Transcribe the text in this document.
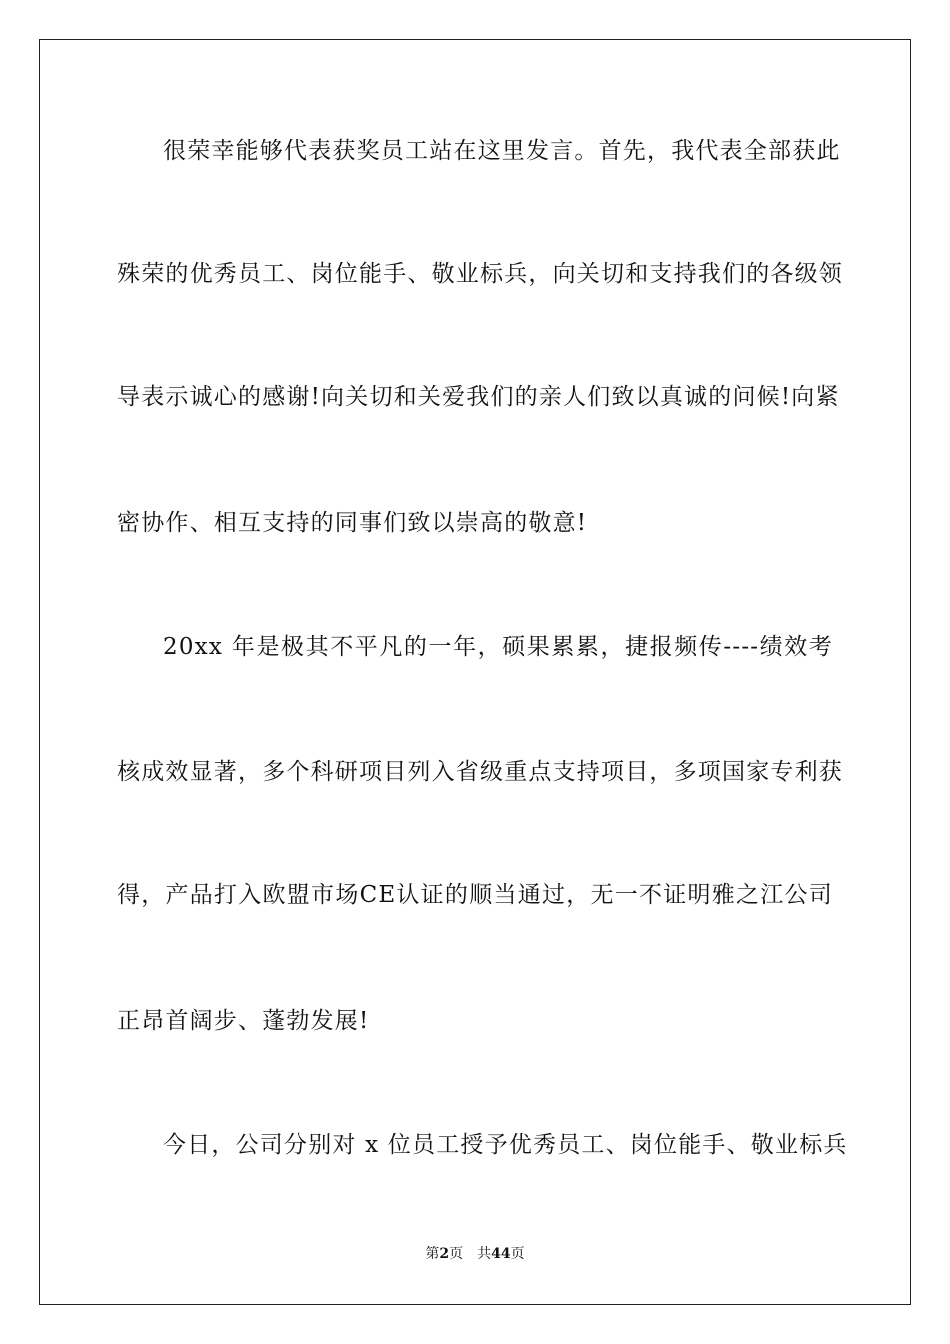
很荣幸能够代表获奖员工站在这里发言。首先，我代表全部获此
殊荣的优秀员工、岗位能手、敬业标兵，向关切和支持我们的各级领
导表示诚心的感谢!向关切和关爱我们的亲人们致以真诚的问候!向紧
密协作、相互支持的同事们致以崇高的敬意!
20xx 年是极其不平凡的一年，硕果累累，捷报频传----绩效考
核成效显著，多个科研项目列入省级重点支持项目，多项国家专利获
得，产品打入欧盟市场CE认证的顺当通过，无一不证明雅之江公司
正昂首阔步、蓬勃发展!
今日，公司分别对 x 位员工授予优秀员工、岗位能手、敬业标兵
第2页 共44页
